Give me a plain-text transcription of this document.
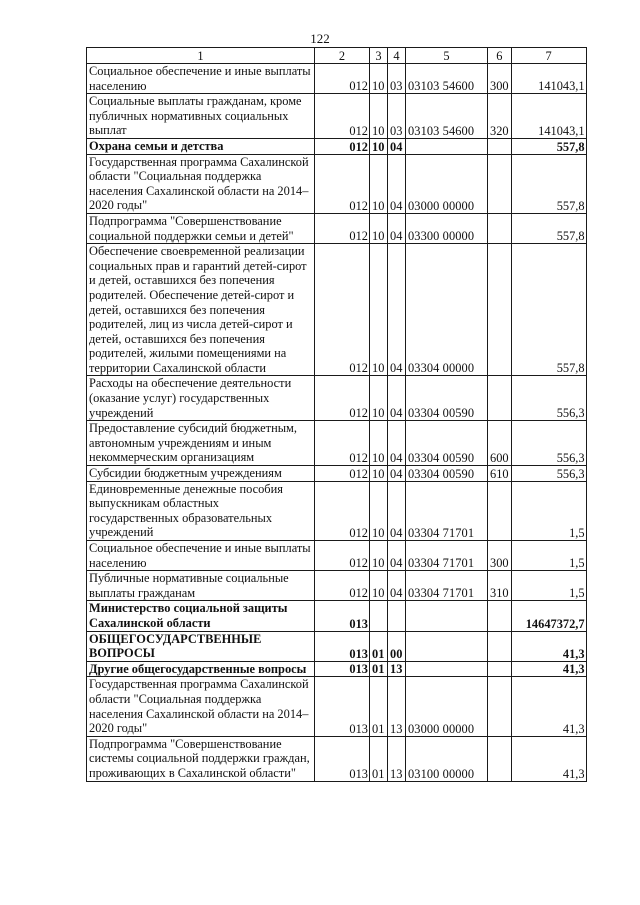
122
1	2	3	4	5	6	7
Социальное обеспечение и иные выплаты населению	012	10	03	03103 54600	300	141043,1
Социальные выплаты гражданам, кроме публичных нормативных социальных выплат	012	10	03	03103 54600	320	141043,1
Охрана семьи и детства	012	10	04			557,8
Государственная программа Сахалинской области "Социальная поддержка населения Сахалинской области на 2014–2020 годы"	012	10	04	03000 00000		557,8
Подпрограмма "Совершенствование социальной поддержки семьи и детей"	012	10	04	03300 00000		557,8
Обеспечение своевременной реализации социальных прав и гарантий детей-сирот и детей, оставшихся без попечения родителей. Обеспечение детей-сирот и детей, оставшихся без попечения родителей, лиц из числа детей-сирот и детей, оставшихся без попечения родителей, жилыми помещениями на территории Сахалинской области	012	10	04	03304 00000		557,8
Расходы на обеспечение деятельности (оказание услуг) государственных учреждений	012	10	04	03304 00590		556,3
Предоставление субсидий бюджетным, автономным учреждениям и иным некоммерческим организациям	012	10	04	03304 00590	600	556,3
Субсидии бюджетным учреждениям	012	10	04	03304 00590	610	556,3
Единовременные денежные пособия выпускникам областных государственных образовательных учреждений	012	10	04	03304 71701		1,5
Социальное обеспечение и иные выплаты населению	012	10	04	03304 71701	300	1,5
Публичные нормативные социальные выплаты гражданам	012	10	04	03304 71701	310	1,5
Министерство социальной защиты Сахалинской области	013					14647372,7
ОБЩЕГОСУДАРСТВЕННЫЕ ВОПРОСЫ	013	01	00			41,3
Другие общегосударственные вопросы	013	01	13			41,3
Государственная программа Сахалинской области "Социальная поддержка населения Сахалинской области на 2014–2020 годы"	013	01	13	03000 00000		41,3
Подпрограмма "Совершенствование системы социальной поддержки граждан, проживающих в Сахалинской области"	013	01	13	03100 00000		41,3
